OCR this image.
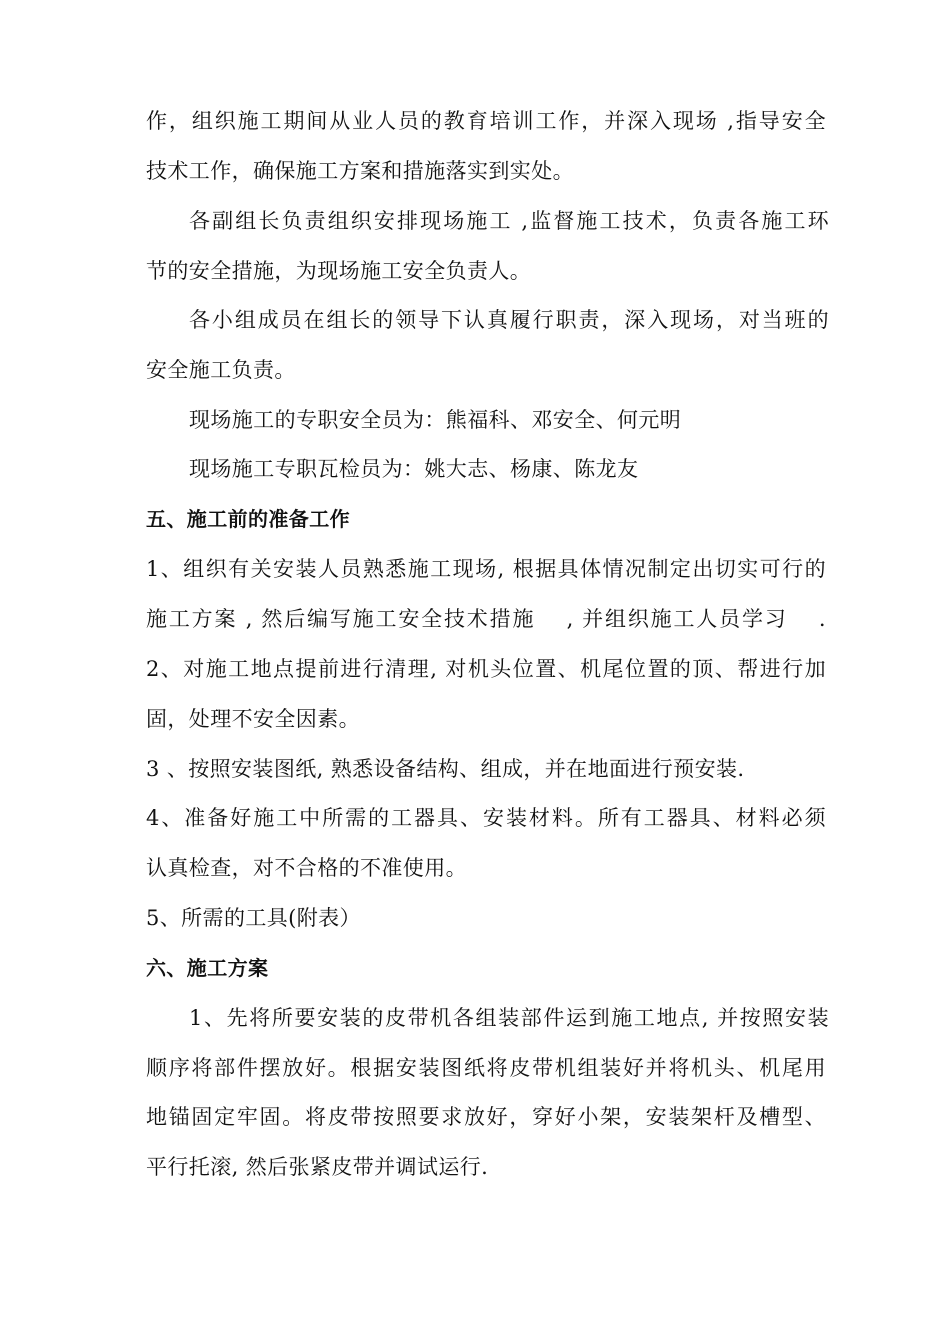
作，组织施工期间从业人员的教育培训工作，并深入现场 ,指导安全
技术工作，确保施工方案和措施落实到实处。
各副组长负责组织安排现场施工 ,监督施工技术，负责各施工环
节的安全措施，为现场施工安全负责人。
各小组成员在组长的领导下认真履行职责，深入现场，对当班的
安全施工负责。
现场施工的专职安全员为：熊福科、邓安全、何元明
现场施工专职瓦检员为：姚大志、杨康、陈龙友
五、施工前的准备工作
1、组织有关安装人员熟悉施工现场, 根据具体情况制定出切实可行的
施工方案 , 然后编写施工安全技术措施　 , 并组织施工人员学习　 .
2、对施工地点提前进行清理, 对机头位置、机尾位置的顶、帮进行加
固，处理不安全因素。
3 、按照安装图纸, 熟悉设备结构、组成，并在地面进行预安装.
4、准备好施工中所需的工器具、安装材料。所有工器具、材料必须
认真检查，对不合格的不准使用。
5、所需的工具(附表）
六、施工方案
1、先将所要安装的皮带机各组装部件运到施工地点, 并按照安装
顺序将部件摆放好。根据安装图纸将皮带机组装好并将机头、机尾用
地锚固定牢固。将皮带按照要求放好，穿好小架，安装架杆及槽型、
平行托滚, 然后张紧皮带并调试运行.
